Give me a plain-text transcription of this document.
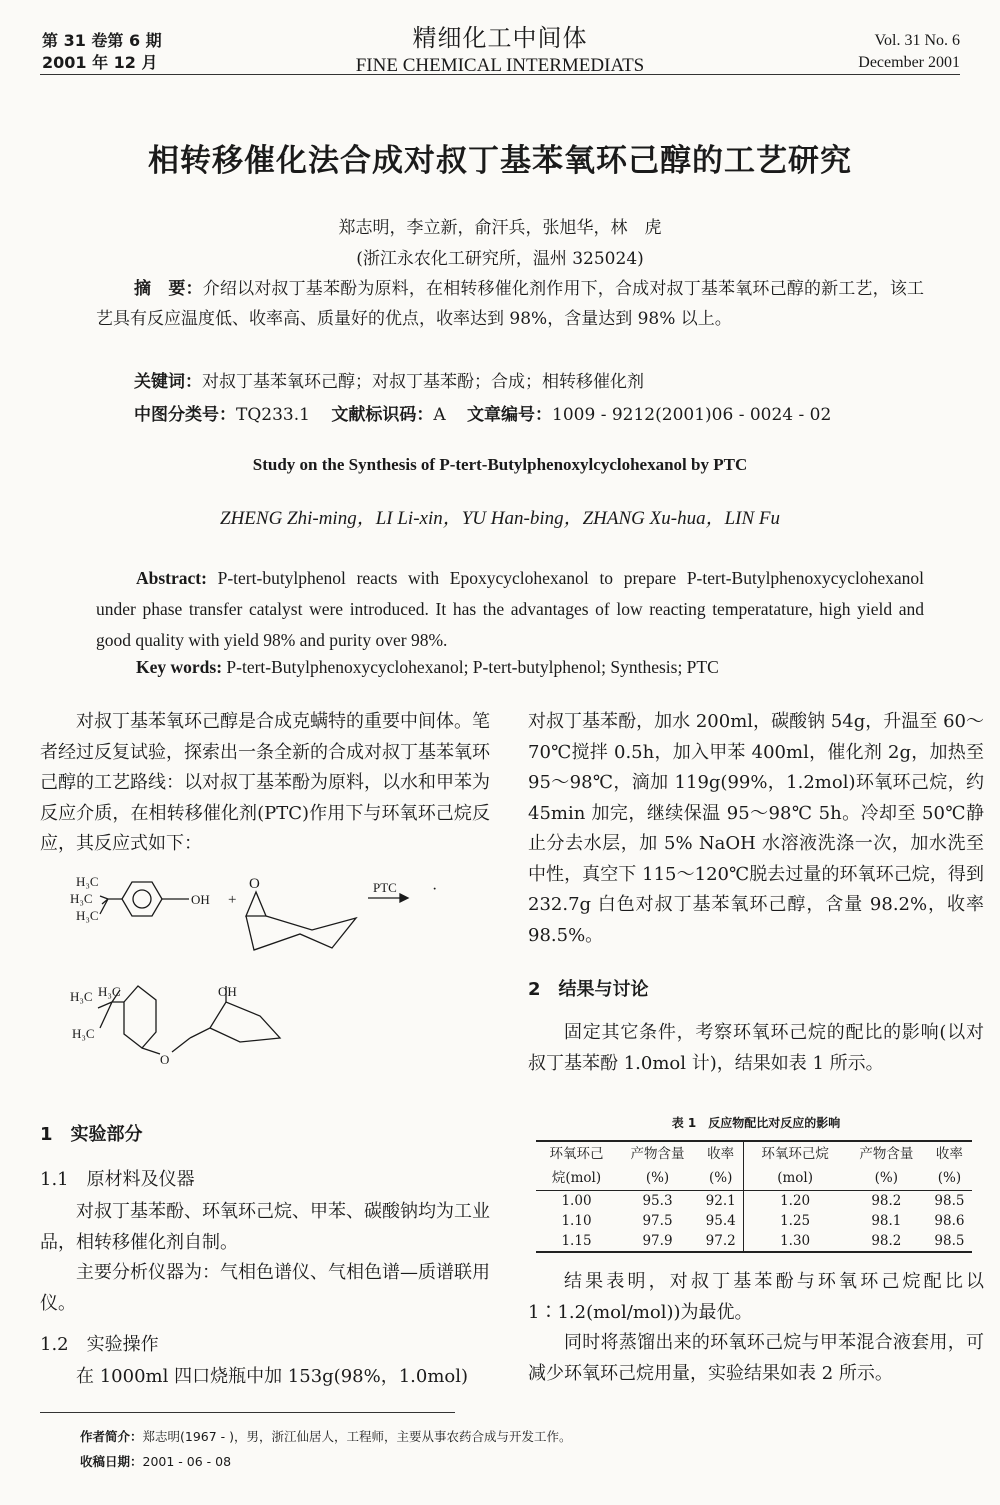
第 31 卷第 6 期
2001 年 12 月
精细化工中间体
FINE CHEMICAL INTERMEDIATS
Vol. 31 No. 6
December 2001
相转移催化法合成对叔丁基苯氧环己醇的工艺研究
郑志明，李立新，俞汗兵，张旭华，林　虎
(浙江永农化工研究所，温州 325024)
摘　要：介绍以对叔丁基苯酚为原料，在相转移催化剂作用下，合成对叔丁基苯氧环己醇的新工艺，该工艺具有反应温度低、收率高、质量好的优点，收率达到 98%，含量达到 98% 以上。
关键词：对叔丁基苯氧环己醇；对叔丁基苯酚；合成；相转移催化剂
中图分类号：TQ233.1 文献标识码：A 文章编号：1009 - 9212(2001)06 - 0024 - 02
Study on the Synthesis of P-tert-Butylphenoxylcyclohexanol by PTC
ZHENG Zhi-ming，LI Li-xin，YU Han-bing，ZHANG Xu-hua，LIN Fu
Abstract: P-tert-butylphenol reacts with Epoxycyclohexanol to prepare P-tert-Butylphenoxycyclohexanol under phase transfer catalyst were introduced. It has the advantages of low reacting temperatature, high yield and good quality with yield 98% and purity over 98%.
Key words: P-tert-Butylphenoxycyclohexanol; P-tert-butylphenol; Synthesis; PTC

对叔丁基苯氧环己醇是合成克螨特的重要中间体。笔者经过反复试验，探索出一条全新的合成对叔丁基苯氧环己醇的工艺路线：以对叔丁基苯酚为原料，以水和甲苯为反应介质，在相转移催化剂(PTC)作用下与环氧环己烷反应，其反应式如下：

H₃C
H₃C
H₃C
OH +
O	PTC ·
H₃C H₃C
H₃C
OH
O
1　实验部分
1.1　原材料及仪器

对叔丁基苯酚、环氧环己烷、甲苯、碳酸钠均为工业品，相转移催化剂自制。

主要分析仪器为：气相色谱仪、气相色谱—质谱联用仪。

1.2　实验操作

在 1000ml 四口烧瓶中加 153g(98%，1.0mol)

对叔丁基苯酚，加水 200ml，碳酸钠 54g，升温至 60～70℃搅拌 0.5h，加入甲苯 400ml，催化剂 2g，加热至 95～98℃，滴加 119g(99%，1.2mol)环氧环己烷，约 45min 加完，继续保温 95～98℃ 5h。冷却至 50℃静止分去水层，加 5% NaOH 水溶液洗涤一次，加水洗至中性，真空下 115～120℃脱去过量的环氧环己烷，得到 232.7g 白色对叔丁基苯氧环己醇，含量 98.2%，收率 98.5%。

2　结果与讨论

固定其它条件，考察环氧环己烷的配比的影响(以对叔丁基苯酚 1.0mol 计)，结果如表 1 所示。

表 1　反应物配比对反应的影响
环氧环己	产物含量	收率	环氧环己烷	产物含量	收率
烷(mol)	(%)	(%)	(mol)	(%)	(%)
1.00	95.3	92.1	1.20	98.2	98.5
1.10	97.5	95.4	1.25	98.1	98.6
1.15	97.9	97.2	1.30	98.2	98.5

结果表明，对叔丁基苯酚与环氧环己烷配比以 1∶1.2(mol/mol))为最优。

同时将蒸馏出来的环氧环己烷与甲苯混合液套用，可减少环氧环己烷用量，实验结果如表 2 所示。

作者简介：郑志明(1967 - )，男，浙江仙居人，工程师，主要从事农药合成与开发工作。
收稿日期：2001 - 06 - 08
